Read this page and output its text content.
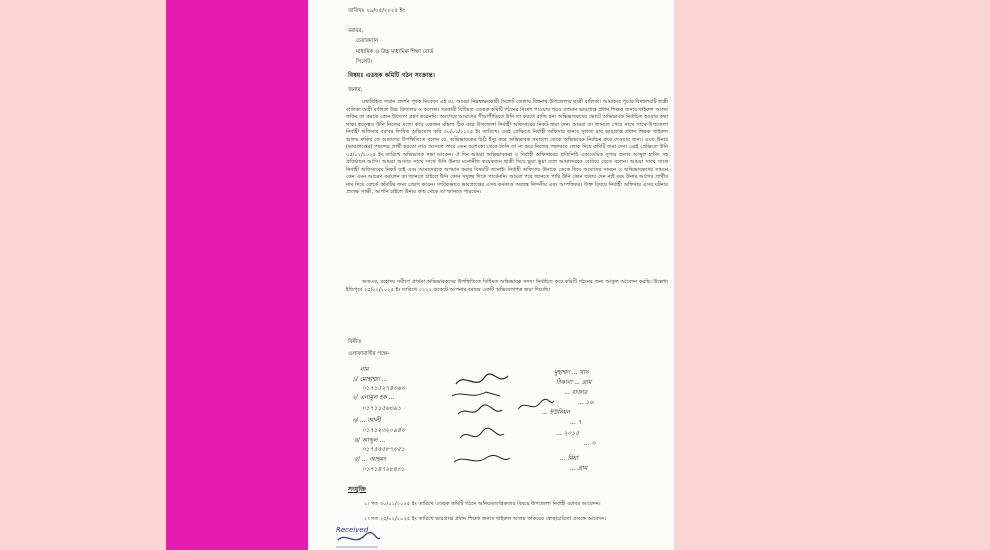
তারিখঃ ২৯/০৫/২০২৫ ইং
বরাবর,
চেয়ারম্যান
মাধ্যমিক ও উচ্চ মাধ্যমিক শিক্ষা বোর্ড
সিলেট।
বিষয়ঃ এডহক কমিটি গঠন সংক্রান্ত।
জনাব,

যথাবিহিত সম্মান প্রদর্শন পূর্বক নিবেদন এই যে, আমরা নিম্নস্বাক্ষরকারী সিলেট জেলার বিশ্বনাথ উপজেলার ছাত্রী বালিকা। আমাদের পূর্বের বিদ্যালয়টি ছাত্রী বালিকা অগ্রী বালিকা উচ্চ বিদ্যালয় ও কলেজ। সরকারী বিধিমত এডহক কমিটি গঠনের নির্দেশ পাওয়ার পরও বর্তমান ভারপ্রাপ্ত প্রধান শিক্ষক জনাব খাইরুল আলম ফকির তা করতে কোন উদ্যোগ গ্রহণ করেননি। অবশেষে আমাদের পীড়াপীড়িতে উনি তা করতে রাজি হন। অভিভাবকদের ভোটে অভিভাবক নির্বাচিত হওয়ার কথা থাকা স্বত্ত্বেও উনি নিজের মতো করে একজন মহিলা ঠিক করে উপজেলা নির্বাহী অফিসারের নিকট জমা দেন। আমরা তা জানতে পেরে সাথে সাথে উপজেলা নির্বাহী অফিসার বরাবর লিখিত অভিযোগ করি ৩০/০১/২০২৫ ইং তারিখে। এরই প্রেক্ষিতে নির্বাহী অফিসার জনাব সুলতা রায় ভারপ্রাপ্ত প্রধান শিক্ষক খাইরুল আলম ফকির কে আমাদের উপস্থিতিতে বলেন যে, অভিভাবকের চিঠি ইস্যু করে অভিভাবক সমাবেশ ডেকে অভিভাবক নির্বাচন করে দেওয়ার জন্য। এতে উনার (ভারপ্রাপ্তের) পছন্দের প্রার্থী হয়তো নাও আসতে পারে এমন আশংকা থেকে তিনি তা না করে নিজের পছন্দমত লোক দিয়ে কমিটি জমা দেন। এরই প্রেক্ষিতে উনি ০৫/০২/২০২৫ ইং তারিখে অভিভাবক সভা ডাকেন। ঐ দিন আমরা অভিভাবকরা ও নির্বাহী অফিসারের প্রতিনিধি একাডেমিক সুপার জনাব আব্দুল হামিদ সহ প্রতিষ্ঠানে আসি। আমরা আসার সাথে সাথে উনি উনার মনোনীত কয়েকজন ছাত্রী দিয়ে ভুয়া ভুয়া বলে আমাদেরকে বেরিয়ে যেতে বলেন। আমরা সাথে সাথে নির্বাহী অফিসারের নিকট যাই এবং আমাদেরকে অপমান করার বিষয়টি জানাই। নির্বাহী অফিসার উনাকে ডেকে দিয়ে আমাদের সামনে ও অভিভাবকদের সামনে কেন এমন আচরণ করলেন তা জানতে চাইলে উনি কোন সদুত্তর দিতে পারেননি। আমরা পরে জানতে পারি উনি কোন জবাব দেন নাই বরং উনার আগের প্রার্থীর নাম দিয়ে বোর্ডে কমিটির জন্য প্রেরণ করেন। সার্বিকভাবে ভারপ্রাপ্তের এসব কর্মকাণ্ড অত্যন্ত নিন্দনীয় এবং আপত্তিকর। উক্ত বিষয়ে নির্বাহী অফিসার এসব ঘটনার প্রত্যক্ষ সাক্ষী, আপনি চাইলে উনার কাছ থেকে তা জানতে পারবেন।

অতএব, মহোদয় সমীপে প্রার্থনা অভিভাবকদের উপস্থিতিতে বিধিমত অভিভাবক সদস্য নির্বাচিত করে কমিটি গঠনের জন্য আকুল আবেদন করছি। উল্লেখ্য ইতিপূর্বে ২৫/০২/২০২৫ ইং তারিখে ৩২১২ ডকেটে আপনার বরাবর একটি অভিযোগপত্র জমা দিয়েছি।

বিনীত
এলাকাবাসীর পক্ষে-
নাম
১/ মোহাম্মদ ...
০১৭১৫২৭৪৩৬৩
২/ এনামুল হক ...
০১৭১১৫৬৩৯১
৩/ ... আলী
০১৭১২৩২০৯৪৩
৪/ আব্দুল ...
০১৭৫৫৫৮৭৩৫১
৫/ ... আহমদ
০১৭১৪৭২৮৪৩১
মুহাম্মদ ... খান
ঠিকানা ... গ্রাম
... বাজার
... ১৬
... ইউনিয়ন
... ৭
... ২০১৫
... ৩
... মিয়া
... গ্রাম
সংযুক্তি
১। গত ৩০/০১/২০২৫ ইং তারিখে এডহক কমিটি গঠনে অনিয়মতান্ত্রিকতার বিষয়ে উপজেলা নির্বাহী বরাবর আবেদন।
২। গত ২৫/০২/২০২৫ ইং তারিখে ভারপ্রাপ্ত প্রধান শিক্ষক জনাব খাইরুল আলম ফকিরের স্বেচ্ছাচারিতা প্রসঙ্গে আবেদন।
Received
